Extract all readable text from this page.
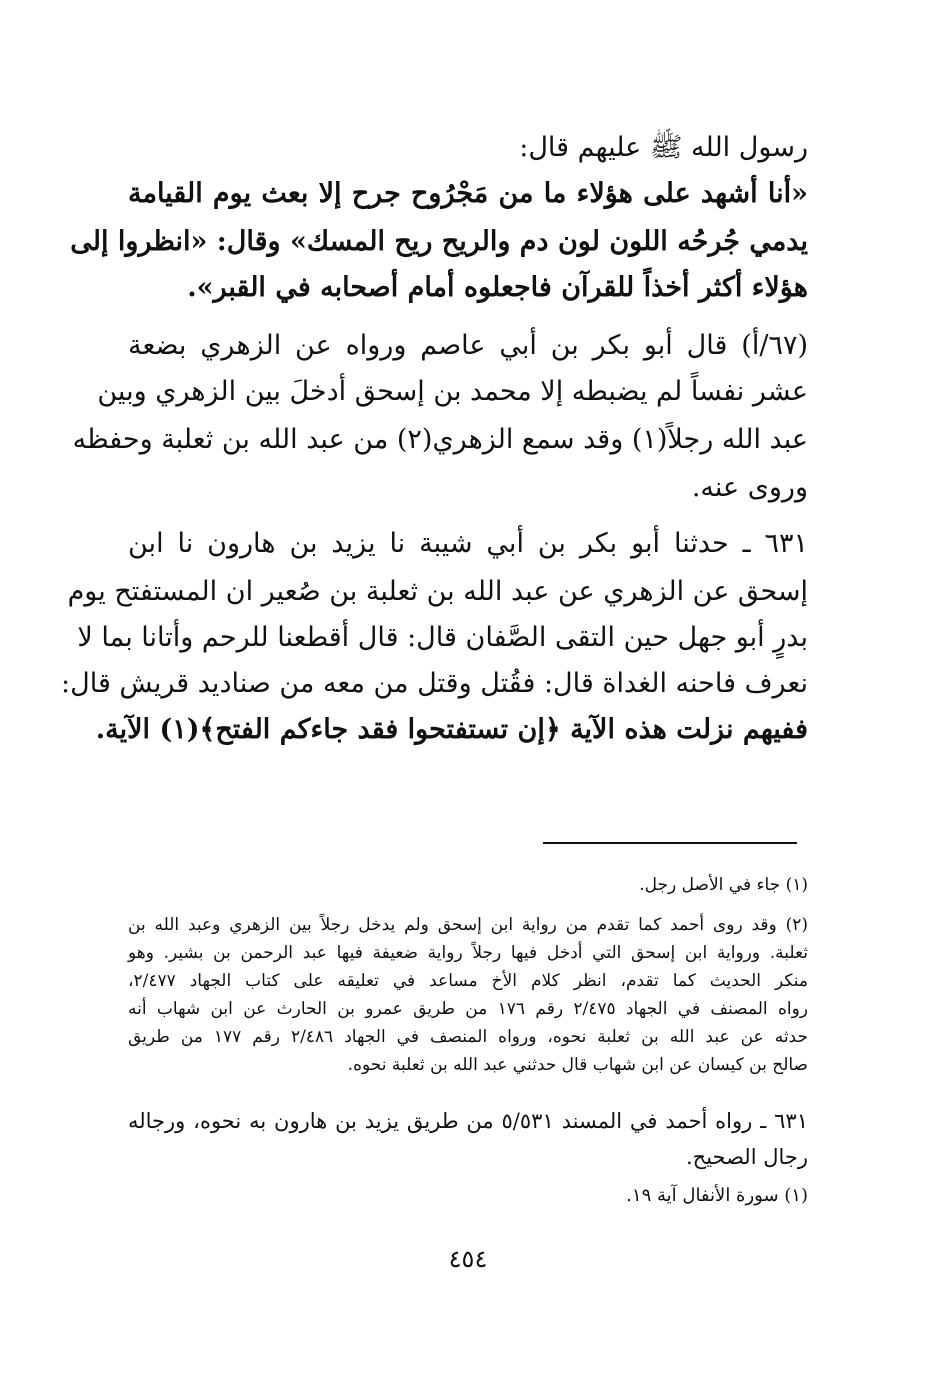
رسول الله ﷺ عليهم قال:
«أنا أشهد على هؤلاء ما من مَجْرُوح جرح إلا بعث يوم القيامة
يدمي جُرحُه اللون لون دم والريح ريح المسك» وقال: «انظروا إلى
هؤلاء أكثر أخذاً للقرآن فاجعلوه أمام أصحابه في القبر».
(٦٧/أ) قال أبو بكر بن أبي عاصم ورواه عن الزهري بضعة
عشر نفساً لم يضبطه إلا محمد بن إسحق أدخلَ بين الزهري وبين
عبد الله رجلاً(١) وقد سمع الزهري(٢) من عبد الله بن ثعلبة وحفظه
وروى عنه.
٦٣١ ـ حدثنا أبو بكر بن أبي شيبة نا يزيد بن هارون نا ابن
إسحق عن الزهري عن عبد الله بن ثعلبة بن صُعير ان المستفتح يوم
بدرٍ أبو جهل حين التقى الصَّفان قال: قال أقطعنا للرحم وأتانا بما لا
نعرف فاحنه الغداة قال: فقُتل وقتل من معه من صناديد قريش قال:
ففيهم نزلت هذه الآية ﴿إن تستفتحوا فقد جاءكم الفتح﴾(١) الآية.
(١) جاء في الأصل رجل.
(٢) وقد روى أحمد كما تقدم من رواية ابن إسحق ولم يدخل رجلاً بين الزهري وعبد الله بن
ثعلبة. ورواية ابن إسحق التي أدخل فيها رجلاً رواية ضعيفة فيها عبد الرحمن بن بشير. وهو
منكر الحديث كما تقدم، انظر كلام الأخ مساعد في تعليقه على كتاب الجهاد ٢/٤٧٧،
رواه المصنف في الجهاد ٢/٤٧٥ رقم ١٧٦ من طريق عمرو بن الحارث عن ابن شهاب أنه
حدثه عن عبد الله بن ثعلبة نحوه، ورواه المنصف في الجهاد ٢/٤٨٦ رقم ١٧٧ من طريق
صالح بن كيسان عن ابن شهاب قال حدثني عبد الله بن ثعلبة نحوه.
٦٣١ ـ رواه أحمد في المسند ٥/٥٣١ من طريق يزيد بن هارون به نحوه، ورجاله
رجال الصحيح.
(١) سورة الأنفال آية ١٩.
٤٥٤
